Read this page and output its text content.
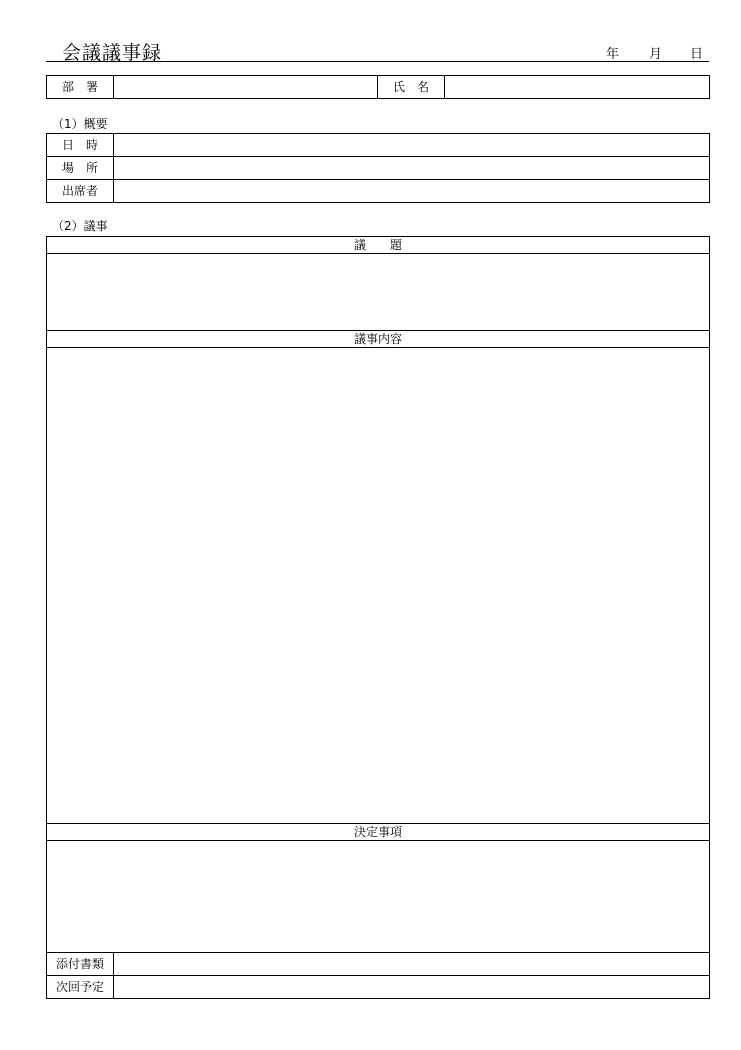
会議議事録	年 月 日
部　署		氏　名	
（1）概要
日　時	
場　所	
出席者	
（2）議事
議　　題

議事内容

決定事項

添付書類	
次回予定	
